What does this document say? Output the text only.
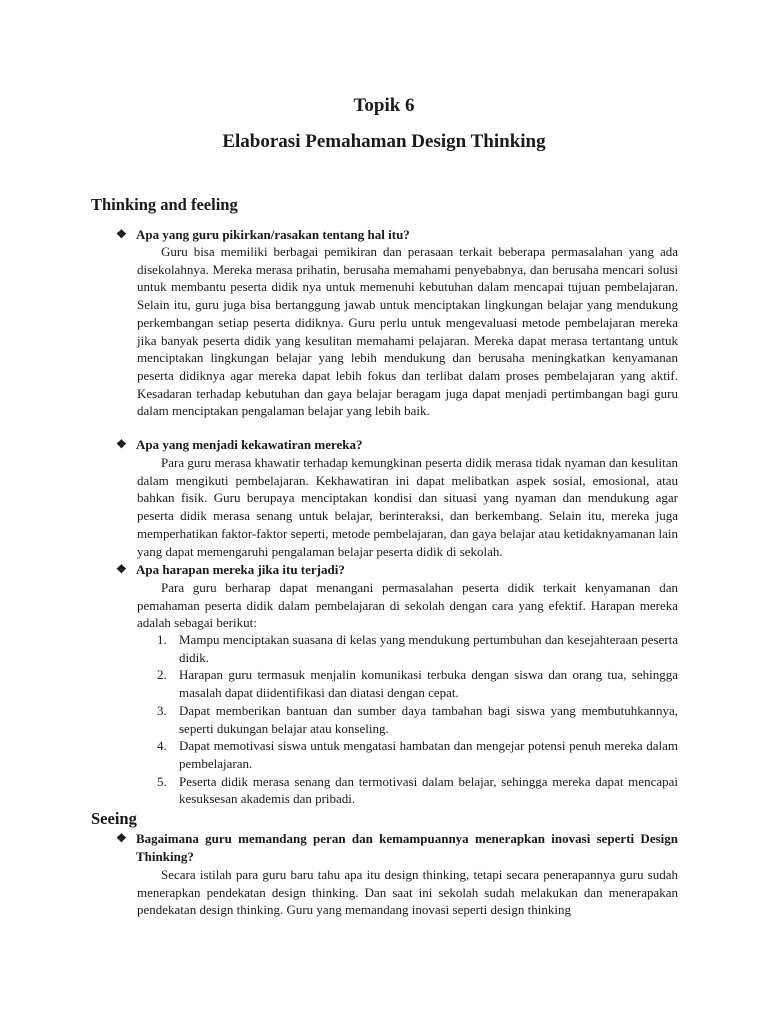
Topik 6
Elaborasi Pemahaman Design Thinking
Thinking and feeling
❖ Apa yang guru pikirkan/rasakan tentang hal itu?

Guru bisa memiliki berbagai pemikiran dan perasaan terkait beberapa permasalahan yang ada disekolahnya. Mereka merasa prihatin, berusaha memahami penyebabnya, dan berusaha mencari solusi untuk membantu peserta didik nya untuk memenuhi kebutuhan dalam mencapai tujuan pembelajaran. Selain itu, guru juga bisa bertanggung jawab untuk menciptakan lingkungan belajar yang mendukung perkembangan setiap peserta didiknya. Guru perlu untuk mengevaluasi metode pembelajaran mereka jika banyak peserta didik yang kesulitan memahami pelajaran. Mereka dapat merasa tertantang untuk menciptakan lingkungan belajar yang lebih mendukung dan berusaha meningkatkan kenyamanan peserta didiknya agar mereka dapat lebih fokus dan terlibat dalam proses pembelajaran yang aktif. Kesadaran terhadap kebutuhan dan gaya belajar beragam juga dapat menjadi pertimbangan bagi guru dalam menciptakan pengalaman belajar yang lebih baik.

❖ Apa yang menjadi kekawatiran mereka?

Para guru merasa khawatir terhadap kemungkinan peserta didik merasa tidak nyaman dan kesulitan dalam mengikuti pembelajaran. Kekhawatiran ini dapat melibatkan aspek sosial, emosional, atau bahkan fisik. Guru berupaya menciptakan kondisi dan situasi yang nyaman dan mendukung agar peserta didik merasa senang untuk belajar, berinteraksi, dan berkembang. Selain itu, mereka juga memperhatikan faktor-faktor seperti, metode pembelajaran, dan gaya belajar atau ketidaknyamanan lain yang dapat memengaruhi pengalaman belajar peserta didik di sekolah.

❖ Apa harapan mereka jika itu terjadi?

Para guru berharap dapat menangani permasalahan peserta didik terkait kenyamanan dan pemahaman peserta didik dalam pembelajaran di sekolah dengan cara yang efektif. Harapan mereka adalah sebagai berikut:

1. Mampu menciptakan suasana di kelas yang mendukung pertumbuhan dan kesejahteraan peserta didik.
2. Harapan guru termasuk menjalin komunikasi terbuka dengan siswa dan orang tua, sehingga masalah dapat diidentifikasi dan diatasi dengan cepat.
3. Dapat memberikan bantuan dan sumber daya tambahan bagi siswa yang membutuhkannya, seperti dukungan belajar atau konseling.
4. Dapat memotivasi siswa untuk mengatasi hambatan dan mengejar potensi penuh mereka dalam pembelajaran.
5. Peserta didik merasa senang dan termotivasi dalam belajar, sehingga mereka dapat mencapai kesuksesan akademis dan pribadi.
Seeing
❖ Bagaimana guru memandang peran dan kemampuannya menerapkan inovasi seperti Design Thinking?

Secara istilah para guru baru tahu apa itu design thinking, tetapi secara penerapannya guru sudah menerapkan pendekatan design thinking. Dan saat ini sekolah sudah melakukan dan menerapakan pendekatan design thinking. Guru yang memandang inovasi seperti design thinking
